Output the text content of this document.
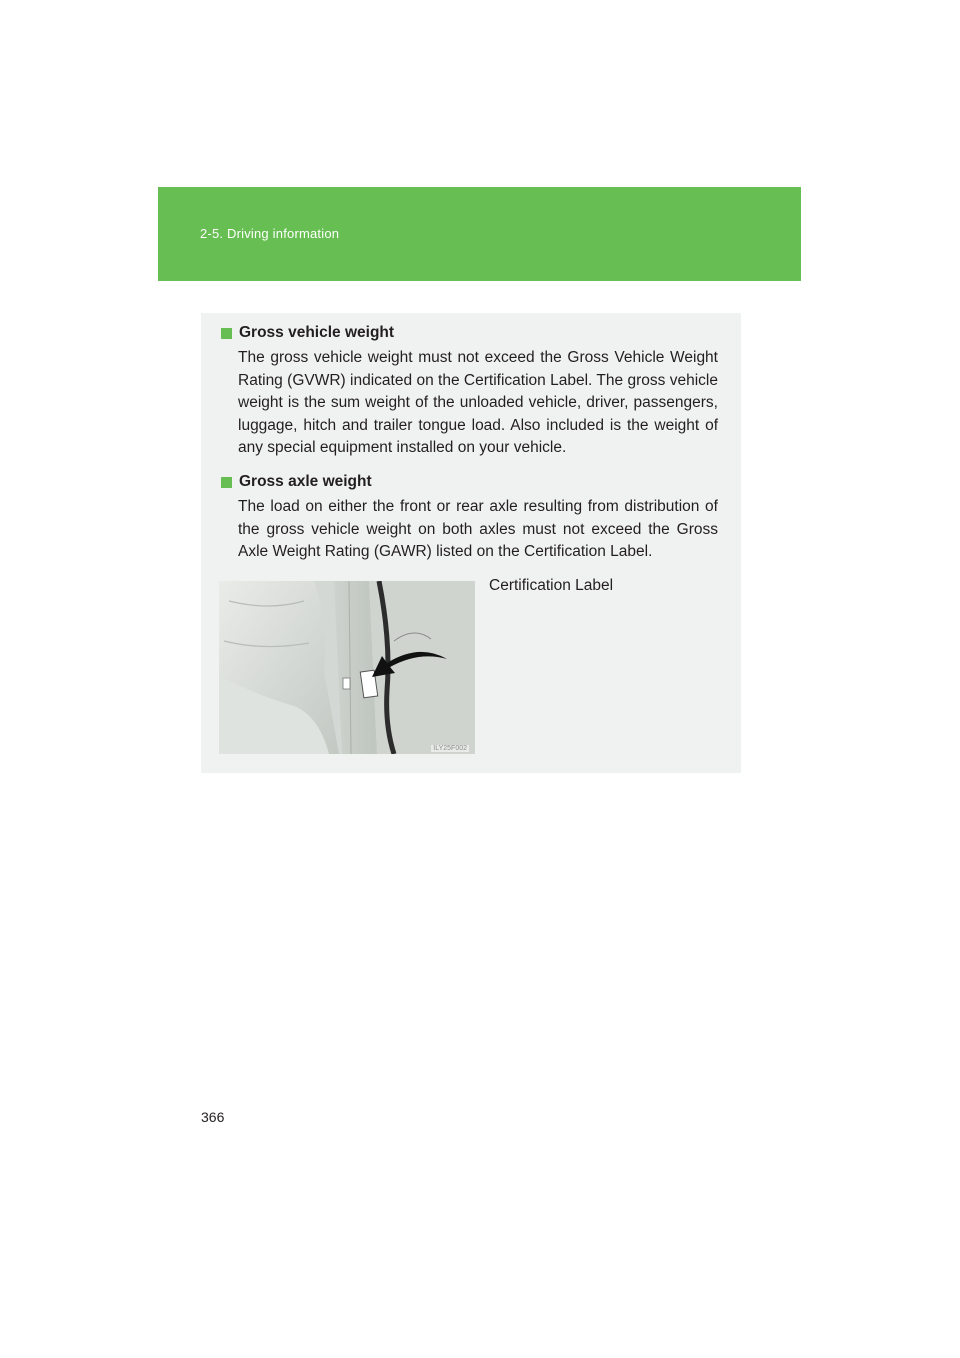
2-5. Driving information
Gross vehicle weight
The gross vehicle weight must not exceed the Gross Vehicle Weight Rating (GVWR) indicated on the Certification Label. The gross vehicle weight is the sum weight of the unloaded vehicle, driver, passengers, luggage, hitch and trailer tongue load. Also included is the weight of any special equipment installed on your vehicle.
Gross axle weight
The load on either the front or rear axle resulting from distribution of the gross vehicle weight on both axles must not exceed the Gross Axle Weight Rating (GAWR) listed on the Certification Label.
ILY25F002
Certification Label
366
